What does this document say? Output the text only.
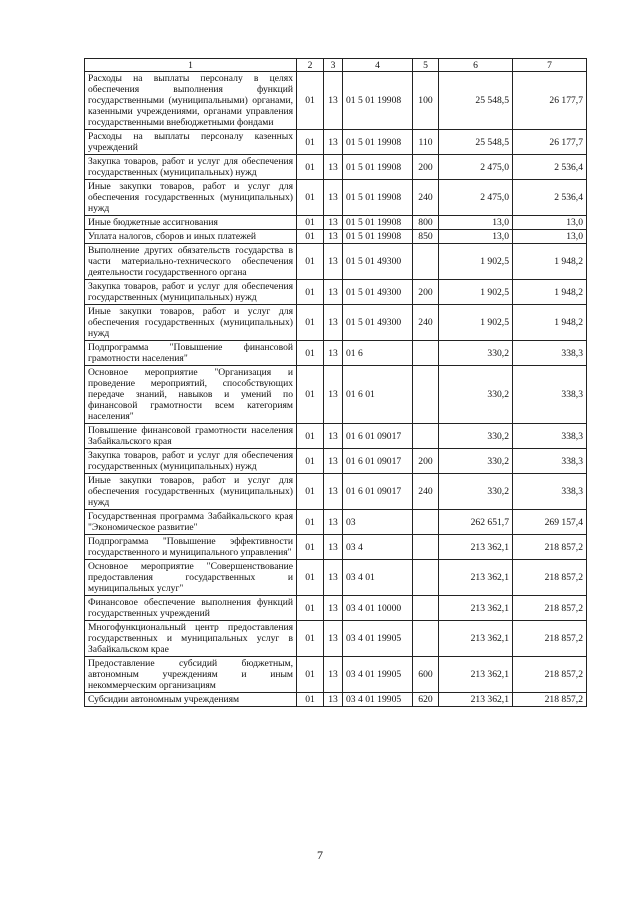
1	2	3	4	5	6	7
Расходы на выплаты персоналу в целях обеспечения выполнения функций государственными (муниципальными) органами, казенными учреждениями, органами управления государственными внебюджетными фондами	01	13	01 5 01 19908	100	25 548,5	26 177,7
Расходы на выплаты персоналу казенных учреждений	01	13	01 5 01 19908	110	25 548,5	26 177,7
Закупка товаров, работ и услуг для обеспечения государственных (муниципальных) нужд	01	13	01 5 01 19908	200	2 475,0	2 536,4
Иные закупки товаров, работ и услуг для обеспечения государственных (муниципальных) нужд	01	13	01 5 01 19908	240	2 475,0	2 536,4
Иные бюджетные ассигнования	01	13	01 5 01 19908	800	13,0	13,0
Уплата налогов, сборов и иных платежей	01	13	01 5 01 19908	850	13,0	13,0
Выполнение других обязательств государства в части материально-технического обеспечения деятельности государственного органа	01	13	01 5 01 49300		1 902,5	1 948,2
Закупка товаров, работ и услуг для обеспечения государственных (муниципальных) нужд	01	13	01 5 01 49300	200	1 902,5	1 948,2
Иные закупки товаров, работ и услуг для обеспечения государственных (муниципальных) нужд	01	13	01 5 01 49300	240	1 902,5	1 948,2
Подпрограмма "Повышение финансовой грамотности населения"	01	13	01 6		330,2	338,3
Основное мероприятие "Организация и проведение мероприятий, способствующих передаче знаний, навыков и умений по финансовой грамотности всем категориям населения"	01	13	01 6 01		330,2	338,3
Повышение финансовой грамотности населения Забайкальского края	01	13	01 6 01 09017		330,2	338,3
Закупка товаров, работ и услуг для обеспечения государственных (муниципальных) нужд	01	13	01 6 01 09017	200	330,2	338,3
Иные закупки товаров, работ и услуг для обеспечения государственных (муниципальных) нужд	01	13	01 6 01 09017	240	330,2	338,3
Государственная программа Забайкальского края "Экономическое развитие"	01	13	03		262 651,7	269 157,4
Подпрограмма "Повышение эффективности государственного и муниципального управления"	01	13	03 4		213 362,1	218 857,2
Основное мероприятие "Совершенствование предоставления государственных и муниципальных услуг"	01	13	03 4 01		213 362,1	218 857,2
Финансовое обеспечение выполнения функций государственных учреждений	01	13	03 4 01 10000		213 362,1	218 857,2
Многофункциональный центр предоставления государственных и муниципальных услуг в Забайкальском крае	01	13	03 4 01 19905		213 362,1	218 857,2
Предоставление субсидий бюджетным, автономным учреждениям и иным некоммерческим организациям	01	13	03 4 01 19905	600	213 362,1	218 857,2
Субсидии автономным учреждениям	01	13	03 4 01 19905	620	213 362,1	218 857,2
7
